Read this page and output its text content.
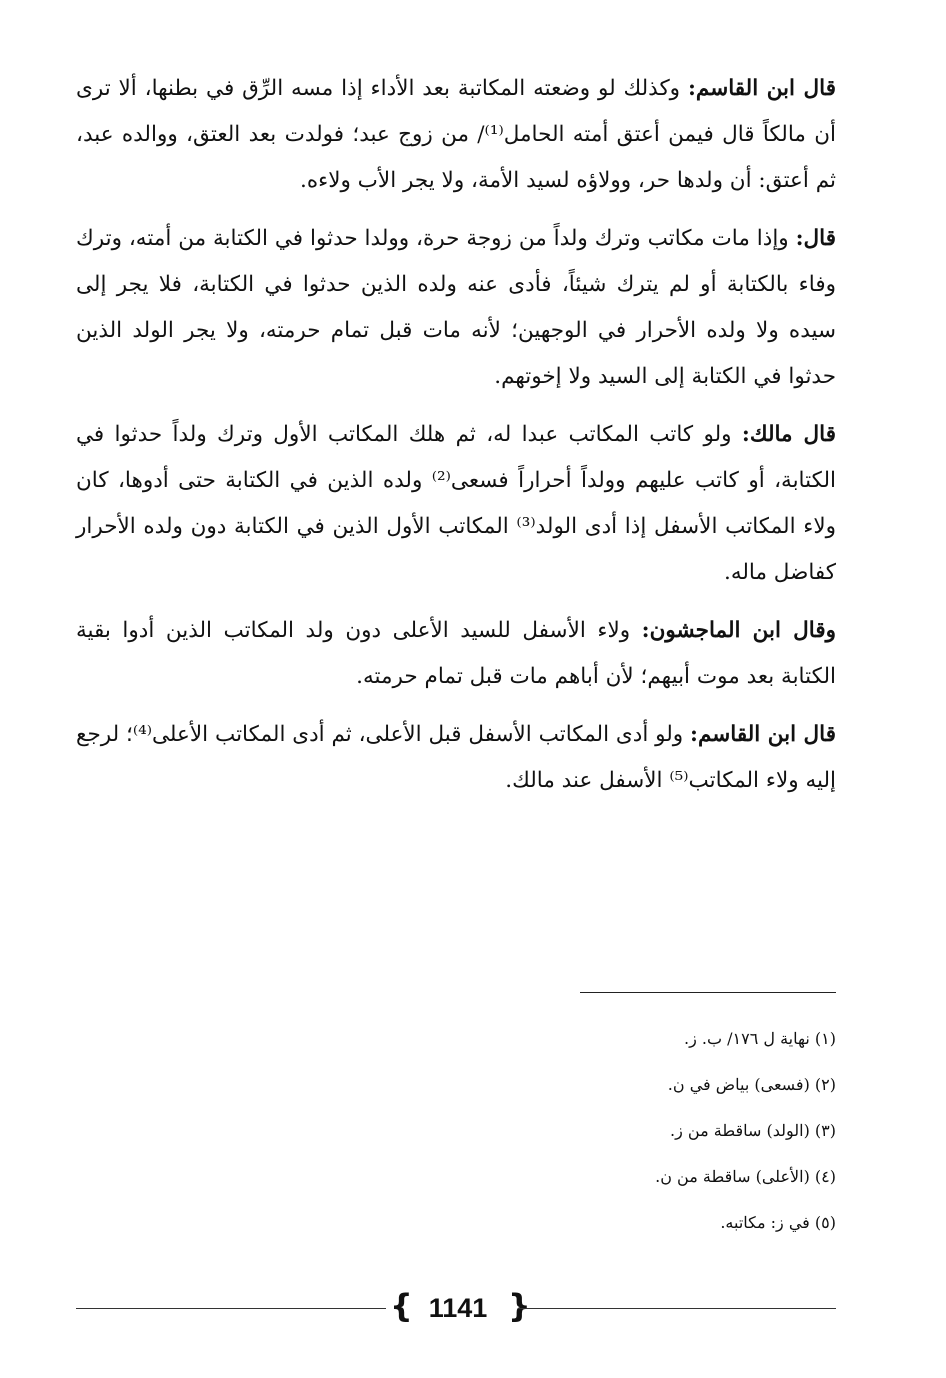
قال ابن القاسم: وكذلك لو وضعته المكاتبة بعد الأداء إذا مسه الرِّق في بطنها، ألا ترى أن مالكاً قال فيمن أعتق أمته الحامل⁽¹⁾/ من زوج عبد؛ فولدت بعد العتق، ووالده عبد، ثم أعتق: أن ولدها حر، وولاؤه لسيد الأمة، ولا يجر الأب ولاءه.

قال: وإذا مات مكاتب وترك ولداً من زوجة حرة، وولدا حدثوا في الكتابة من أمته، وترك وفاء بالكتابة أو لم يترك شيئاً، فأدى عنه ولده الذين حدثوا في الكتابة، فلا يجر إلى سيده ولا ولده الأحرار في الوجهين؛ لأنه مات قبل تمام حرمته، ولا يجر الولد الذين حدثوا في الكتابة إلى السيد ولا إخوتهم.

قال مالك: ولو كاتب المكاتب عبدا له، ثم هلك المكاتب الأول وترك ولداً حدثوا في الكتابة، أو كاتب عليهم وولداً أحراراً فسعى⁽²⁾ ولده الذين في الكتابة حتى أدوها، كان ولاء المكاتب الأسفل إذا أدى الولد⁽³⁾ المكاتب الأول الذين في الكتابة دون ولده الأحرار كفاضل ماله.

وقال ابن الماجشون: ولاء الأسفل للسيد الأعلى دون ولد المكاتب الذين أدوا بقية الكتابة بعد موت أبيهم؛ لأن أباهم مات قبل تمام حرمته.

قال ابن القاسم: ولو أدى المكاتب الأسفل قبل الأعلى، ثم أدى المكاتب الأعلى⁽⁴⁾؛ لرجع إليه ولاء المكاتب⁽⁵⁾ الأسفل عند مالك.

(١) نهاية ل ١٧٦/ ب. ز.
(٢) (فسعى) بياض في ن.
(٣) (الولد) ساقطة من ز.
(٤) (الأعلى) ساقطة من ن.
(٥) في ز: مكاتبه.
{ 1141 }
